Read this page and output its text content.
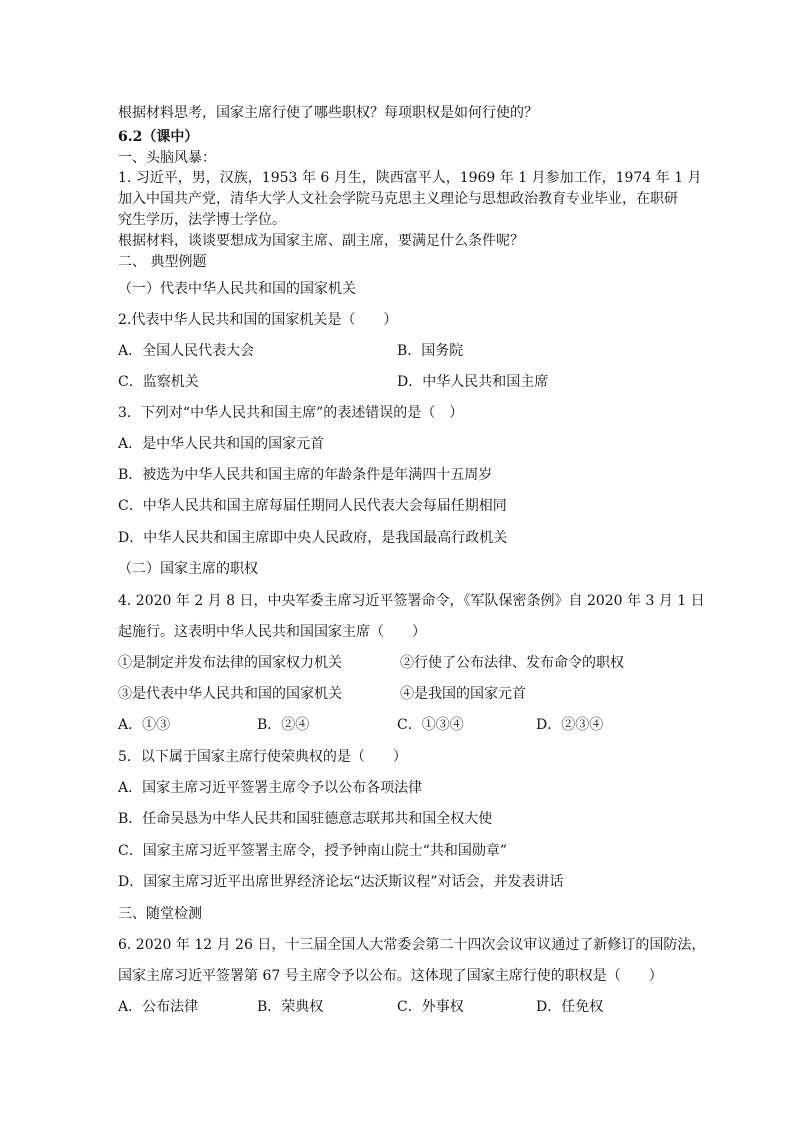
根据材料思考，国家主席行使了哪些职权？每项职权是如何行使的？
6.2（课中）
一、头脑风暴：
1. 习近平，男，汉族，1953 年 6 月生，陕西富平人，1969 年 1 月参加工作，1974 年 1 月
加入中国共产党，清华大学人文社会学院马克思主义理论与思想政治教育专业毕业，在职研
究生学历，法学博士学位。
根据材料，谈谈要想成为国家主席、副主席，要满足什么条件呢？
二、 典型例题
（一）代表中华人民共和国的国家机关
2.代表中华人民共和国的国家机关是（　　）
A．全国人民代表大会	B．国务院
C．监察机关	D．中华人民共和国主席
3．下列对“中华人民共和国主席”的表述错误的是（　）
A．是中华人民共和国的国家元首
B．被选为中华人民共和国主席的年龄条件是年满四十五周岁
C．中华人民共和国主席每届任期同人民代表大会每届任期相同
D．中华人民共和国主席即中央人民政府，是我国最高行政机关
（二）国家主席的职权
4. 2020 年 2 月 8 日，中央军委主席习近平签署命令，《军队保密条例》自 2020 年 3 月 1 日
起施行。这表明中华人民共和国国家主席（　　）
①是制定并发布法律的国家权力机关	②行使了公布法律、发布命令的职权
③是代表中华人民共和国的国家机关	④是我国的国家元首
A．①③	B．②④	C．①③④	D．②③④
5．以下属于国家主席行使荣典权的是（　　）
A．国家主席习近平签署主席令予以公布各项法律
B．任命吴恳为中华人民共和国驻德意志联邦共和国全权大使
C．国家主席习近平签署主席令，授予钟南山院士“共和国勋章”
D．国家主席习近平出席世界经济论坛“达沃斯议程”对话会，并发表讲话
三、随堂检测
6. 2020 年 12 月 26 日，十三届全国人大常委会第二十四次会议审议通过了新修订的国防法，
国家主席习近平签署第 67 号主席令予以公布。这体现了国家主席行使的职权是（　　）
A．公布法律	B．荣典权	C．外事权	D．任免权
